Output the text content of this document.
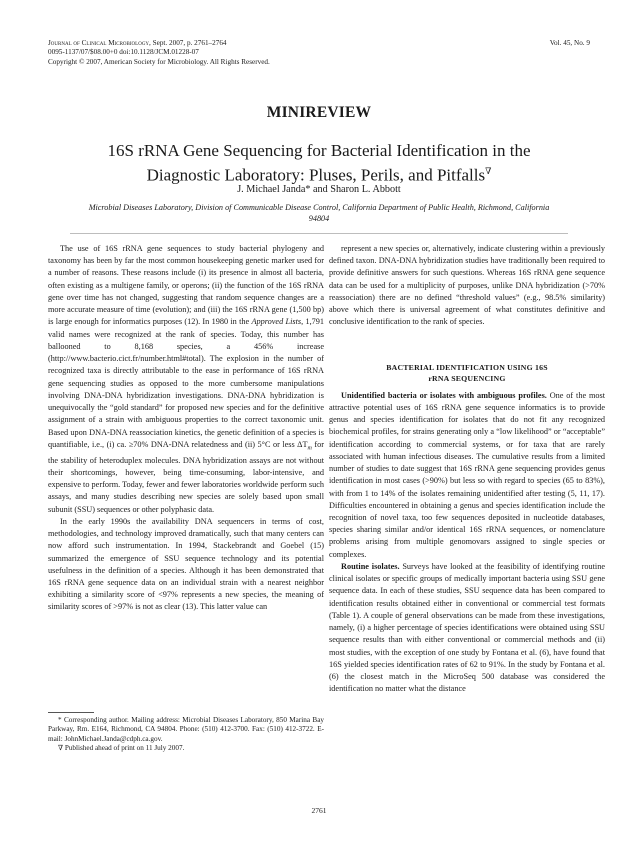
Journal of Clinical Microbiology, Sept. 2007, p. 2761–2764	Vol. 45, No. 9
0095-1137/07/$08.00+0 doi:10.1128/JCM.01228-07
Copyright © 2007, American Society for Microbiology. All Rights Reserved.
MINIREVIEW
16S rRNA Gene Sequencing for Bacterial Identification in the
Diagnostic Laboratory: Pluses, Perils, and Pitfalls∇
J. Michael Janda* and Sharon L. Abbott
Microbial Diseases Laboratory, Division of Communicable Disease Control, California Department of Public Health, Richmond, California 94804

The use of 16S rRNA gene sequences to study bacterial phylogeny and taxonomy has been by far the most common housekeeping genetic marker used for a number of reasons. These reasons include (i) its presence in almost all bacteria, often existing as a multigene family, or operons; (ii) the function of the 16S rRNA gene over time has not changed, suggesting that random sequence changes are a more accurate measure of time (evolution); and (iii) the 16S rRNA gene (1,500 bp) is large enough for informatics purposes (12). In 1980 in the Approved Lists, 1,791 valid names were recognized at the rank of species. Today, this number has ballooned to 8,168 species, a 456% increase (http://www.bacterio.cict.fr/number.html#total). The explosion in the number of recognized taxa is directly attributable to the ease in performance of 16S rRNA gene sequencing studies as opposed to the more cumbersome manipulations involving DNA-DNA hybridization investigations. DNA-DNA hybridization is unequivocally the “gold standard” for proposed new species and for the definitive assignment of a strain with ambiguous properties to the correct taxonomic unit. Based upon DNA-DNA reassociation kinetics, the genetic definition of a species is quantifiable, i.e., (i) ca. ≥70% DNA-DNA relatedness and (ii) 5°C or less $\Delta T_m$ for the stability of heteroduplex molecules. DNA hybridization assays are not without their shortcomings, however, being time-consuming, labor-intensive, and expensive to perform. Today, fewer and fewer laboratories worldwide perform such assays, and many studies describing new species are solely based upon small subunit (SSU) sequences or other polyphasic data.

In the early 1990s the availability DNA sequencers in terms of cost, methodologies, and technology improved dramatically, such that many centers can now afford such instrumentation. In 1994, Stackebrandt and Goebel (15) summarized the emergence of SSU sequence technology and its potential usefulness in the definition of a species. Although it has been demonstrated that 16S rRNA gene sequence data on an individual strain with a nearest neighbor exhibiting a similarity score of <97% represents a new species, the meaning of similarity scores of >97% is not as clear (13). This latter value can

* Corresponding author. Mailing address: Microbial Diseases Laboratory, 850 Marina Bay Parkway, Rm. E164, Richmond, CA 94804. Phone: (510) 412-3700. Fax: (510) 412-3722. E-mail: JohnMichael.Janda@cdph.ca.gov.

∇ Published ahead of print on 11 July 2007.

represent a new species or, alternatively, indicate clustering within a previously defined taxon. DNA-DNA hybridization studies have traditionally been required to provide definitive answers for such questions. Whereas 16S rRNA gene sequence data can be used for a multiplicity of purposes, unlike DNA hybridization (>70% reassociation) there are no defined “threshold values” (e.g., 98.5% similarity) above which there is universal agreement of what constitutes definitive and conclusive identification to the rank of species.

BACTERIAL IDENTIFICATION USING 16S
rRNA SEQUENCING

Unidentified bacteria or isolates with ambiguous profiles. One of the most attractive potential uses of 16S rRNA gene sequence informatics is to provide genus and species identification for isolates that do not fit any recognized biochemical profiles, for strains generating only a “low likelihood” or “acceptable” identification according to commercial systems, or for taxa that are rarely associated with human infectious diseases. The cumulative results from a limited number of studies to date suggest that 16S rRNA gene sequencing provides genus identification in most cases (>90%) but less so with regard to species (65 to 83%), with from 1 to 14% of the isolates remaining unidentified after testing (5, 11, 17). Difficulties encountered in obtaining a genus and species identification include the recognition of novel taxa, too few sequences deposited in nucleotide databases, species sharing similar and/or identical 16S rRNA sequences, or nomenclature problems arising from multiple genomovars assigned to single species or complexes.

Routine isolates. Surveys have looked at the feasibility of identifying routine clinical isolates or specific groups of medically important bacteria using SSU gene sequence data. In each of these studies, SSU sequence data has been compared to identification results obtained either in conventional or commercial test formats (Table 1). A couple of general observations can be made from these investigations, namely, (i) a higher percentage of species identifications were obtained using SSU sequence results than with either conventional or commercial methods and (ii) most studies, with the exception of one study by Fontana et al. (6), have found that 16S yielded species identification rates of 62 to 91%. In the study by Fontana et al. (6) the closest match in the MicroSeq 500 database was considered the identification no matter what the distance

2761
